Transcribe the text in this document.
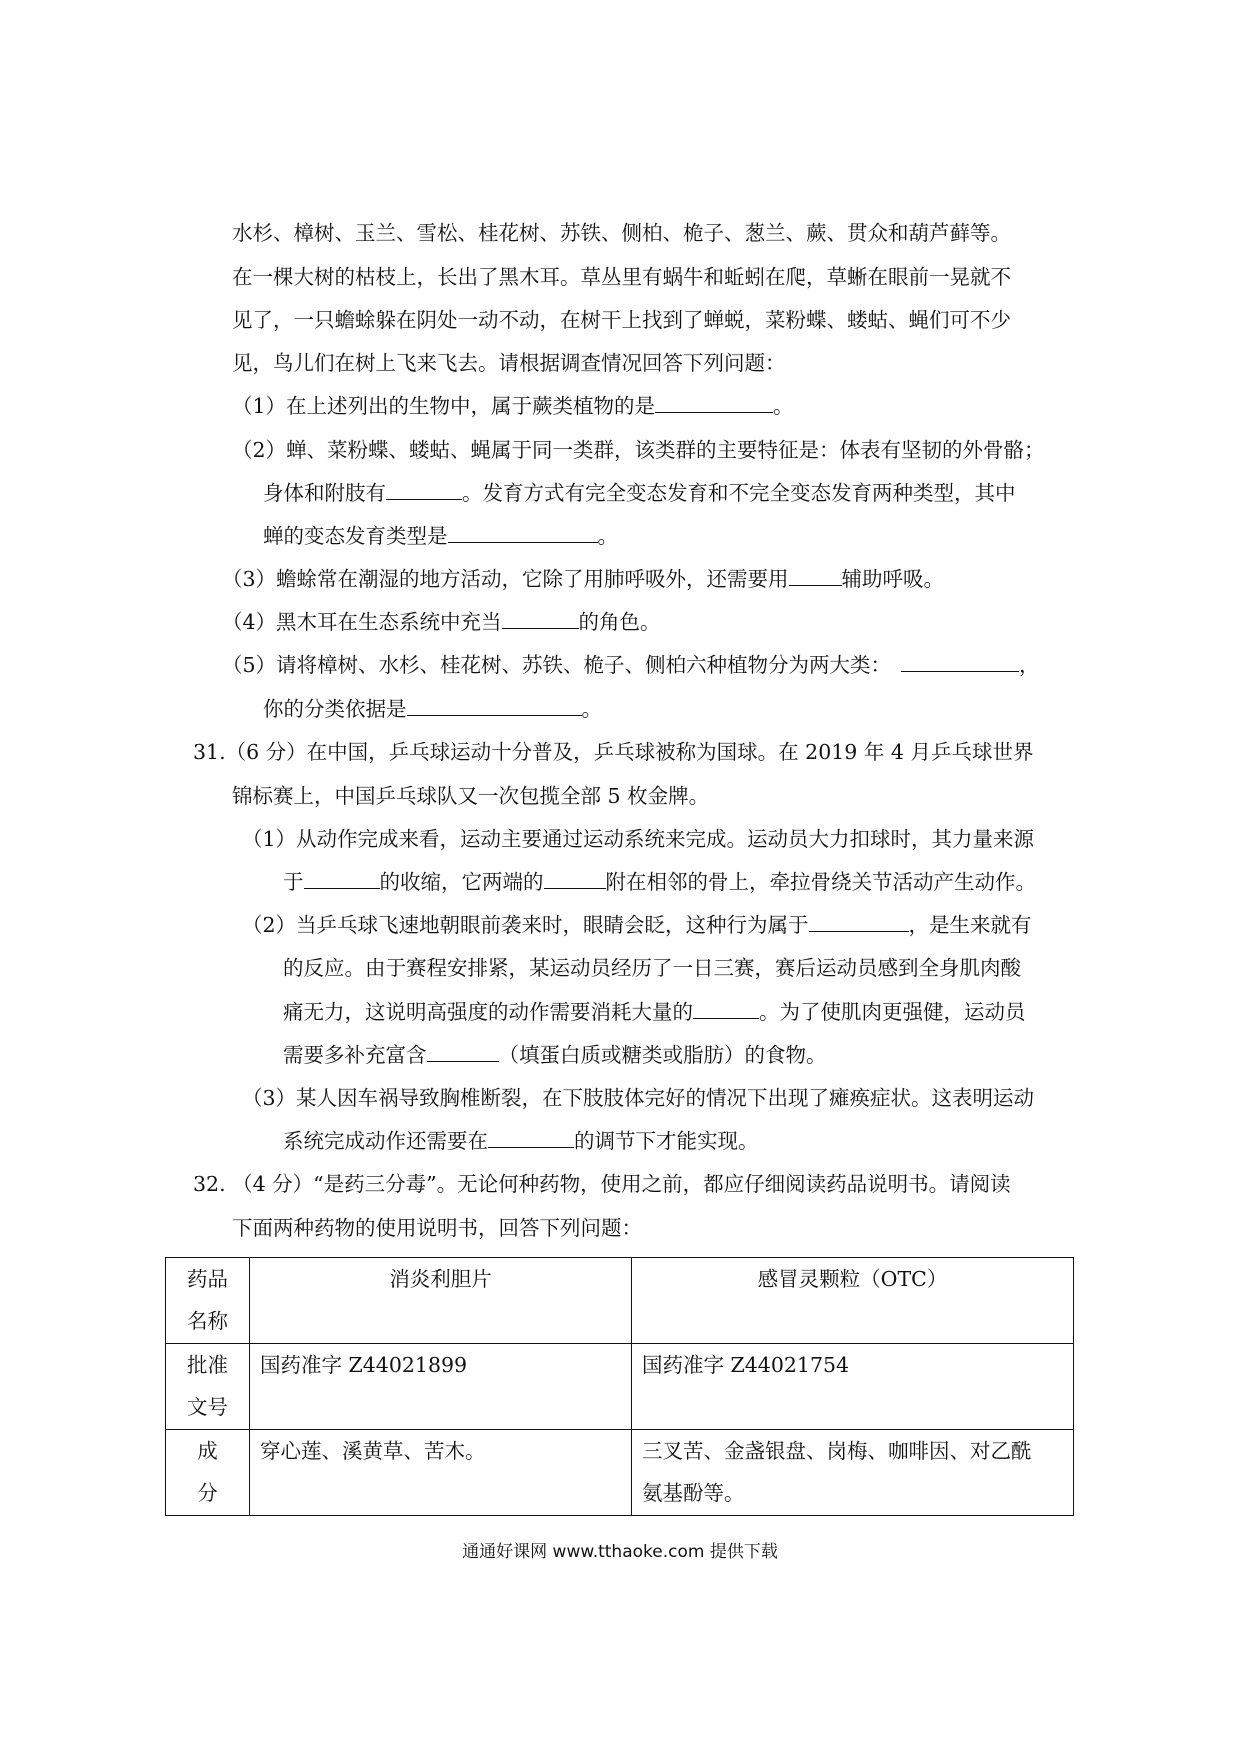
水杉、樟树、玉兰、雪松、桂花树、苏铁、侧柏、桅子、葱兰、蕨、贯众和葫芦藓等。
在一棵大树的枯枝上，长出了黑木耳。草丛里有蜗牛和蚯蚓在爬，草蜥在眼前一晃就不
见了，一只蟾蜍躲在阴处一动不动，在树干上找到了蝉蜕，菜粉蝶、蝼蛄、蝇们可不少
见，鸟儿们在树上飞来飞去。请根据调查情况回答下列问题：
（1）在上述列出的生物中，属于蕨类植物的是	。
（2）蝉、菜粉蝶、蝼蛄、蝇属于同一类群，该类群的主要特征是：体表有坚韧的外骨骼；
身体和附肢有	。发育方式有完全变态发育和不完全变态发育两种类型，其中
蝉的变态发育类型是	。
（3）蟾蜍常在潮湿的地方活动，它除了用肺呼吸外，还需要用	辅助呼吸。
（4）黑木耳在生态系统中充当	的角色。
（5）请将樟树、水杉、桂花树、苏铁、桅子、侧柏六种植物分为两大类：	，
你的分类依据是	。
31.（6 分）在中国，乒乓球运动十分普及，乒乓球被称为国球。在 2019 年 4 月乒乓球世界
锦标赛上，中国乒乓球队又一次包揽全部 5 枚金牌。
（1）从动作完成来看，运动主要通过运动系统来完成。运动员大力扣球时，其力量来源
于	的收缩，它两端的	附在相邻的骨上，牵拉骨绕关节活动产生动作。
（2）当乒乓球飞速地朝眼前袭来时，眼睛会眨，这种行为属于	，是生来就有
的反应。由于赛程安排紧，某运动员经历了一日三赛，赛后运动员感到全身肌肉酸
痛无力，这说明高强度的动作需要消耗大量的	。为了使肌肉更强健，运动员
需要多补充富含	（填蛋白质或糖类或脂肪）的食物。
（3）某人因车祸导致胸椎断裂，在下肢肢体完好的情况下出现了瘫痪症状。这表明运动
系统完成动作还需要在	的调节下才能实现。
32. （4 分）“是药三分毒”。无论何种药物，使用之前，都应仔细阅读药品说明书。请阅读
下面两种药物的使用说明书，回答下列问题：
药品
名称	消炎利胆片	感冒灵颗粒（OTC）

批准
文号	国药准字 Z44021899	国药准字 Z44021754

成
分	穿心莲、溪黄草、苦木。	三叉苦、金盏银盘、岗梅、咖啡因、对乙酰
氨基酚等。
通通好课网 www.tthaoke.com 提供下载
